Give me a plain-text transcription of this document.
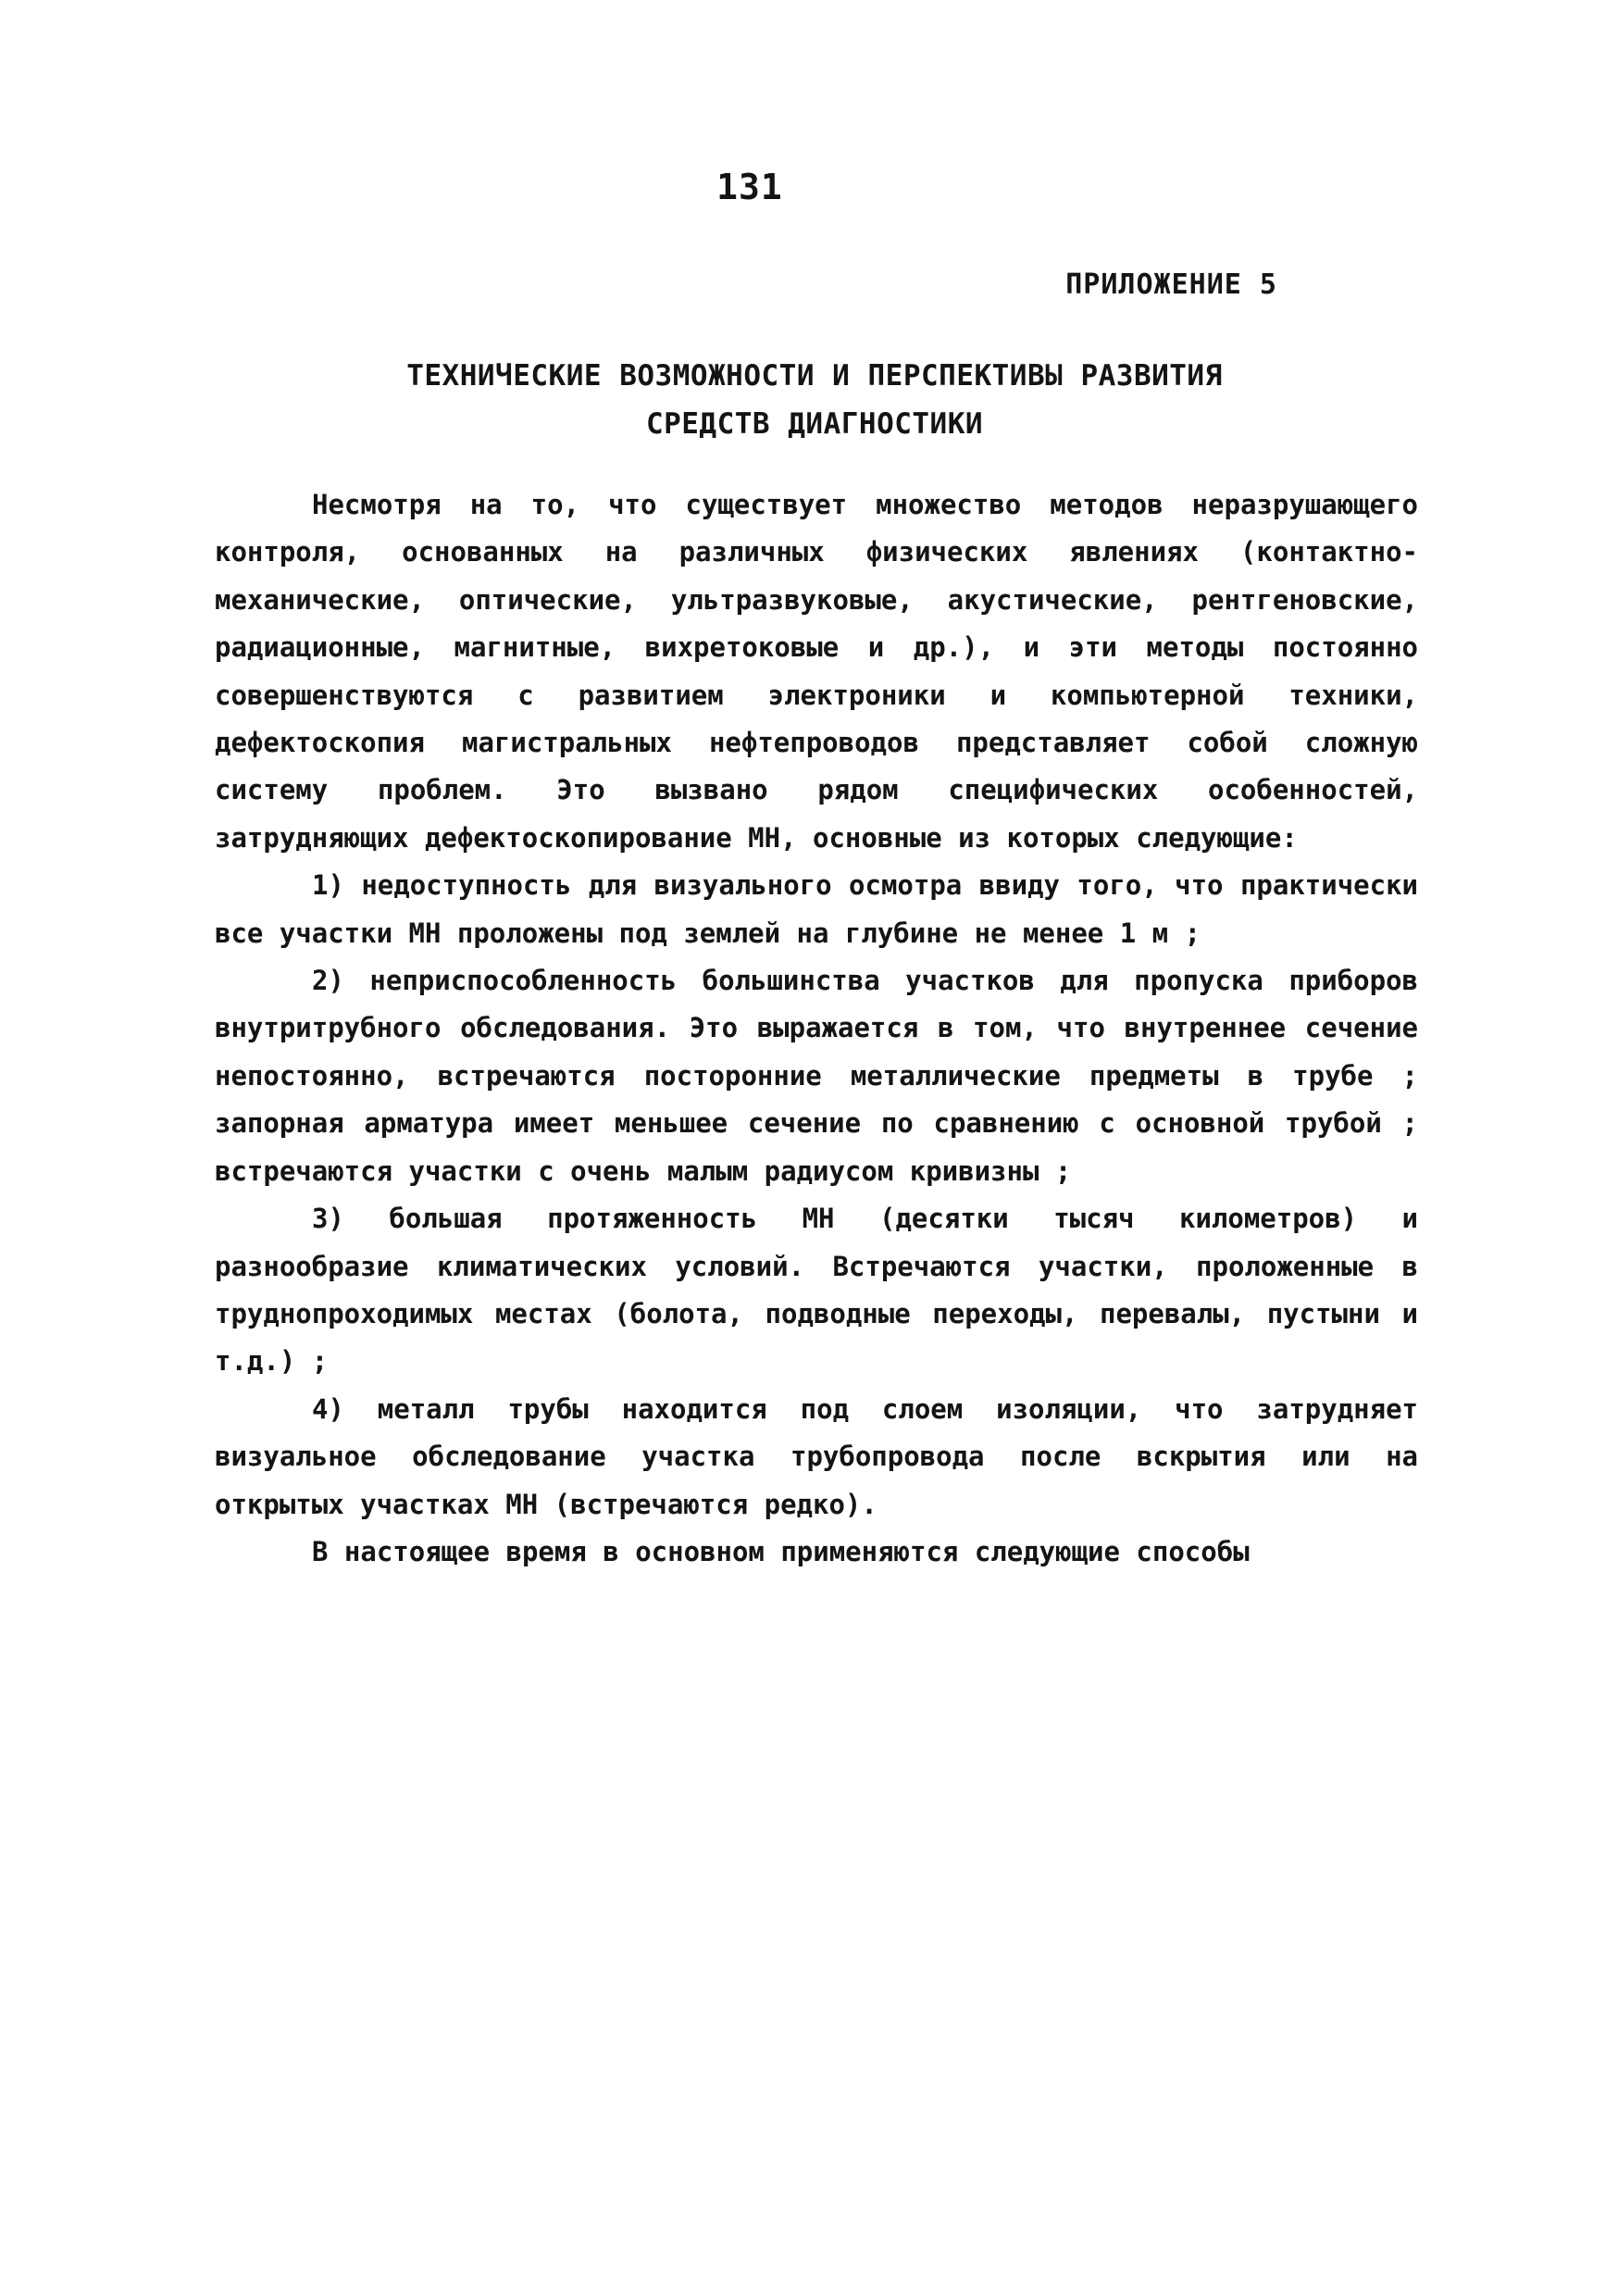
131
ПРИЛОЖЕНИЕ 5
ТЕХНИЧЕСКИЕ ВОЗМОЖНОСТИ И ПЕРСПЕКТИВЫ РАЗВИТИЯ
СРЕДСТВ ДИАГНОСТИКИ

Несмотря на то, что существует множество методов неразрушающего контроля, основанных на различных физических явлениях (контактно-механические, оптические, ультразвуковые, акустические, рентгеновские, радиационные, магнитные, вихретоковые и др.), и эти методы постоянно совершенствуются с развитием электроники и компьютерной техники, дефектоскопия магистральных нефтепроводов представляет собой сложную систему проблем. Это вызвано рядом специфических особенностей, затрудняющих дефектоскопирование МН, основные из которых следующие:

1) недоступность для визуального осмотра ввиду того, что практически все участки МН проложены под землей на глубине не менее 1 м ;

2) неприспособленность большинства участков для пропуска приборов внутритрубного обследования. Это выражается в том, что внутреннее сечение непостоянно, встречаются посторонние металлические предметы в трубе ; запорная арматура имеет меньшее сечение по сравнению с основной трубой ; встречаются участки с очень малым радиусом кривизны ;

3) большая протяженность МН (десятки тысяч километров) и разнообразие климатических условий. Встречаются участки, проложенные в труднопроходимых местах (болота, подводные переходы, перевалы, пустыни и т.д.) ;

4) металл трубы находится под слоем изоляции, что затрудняет визуальное обследование участка трубопровода после вскрытия или на открытых участках МН (встречаются редко).

В настоящее время в основном применяются следующие способы
